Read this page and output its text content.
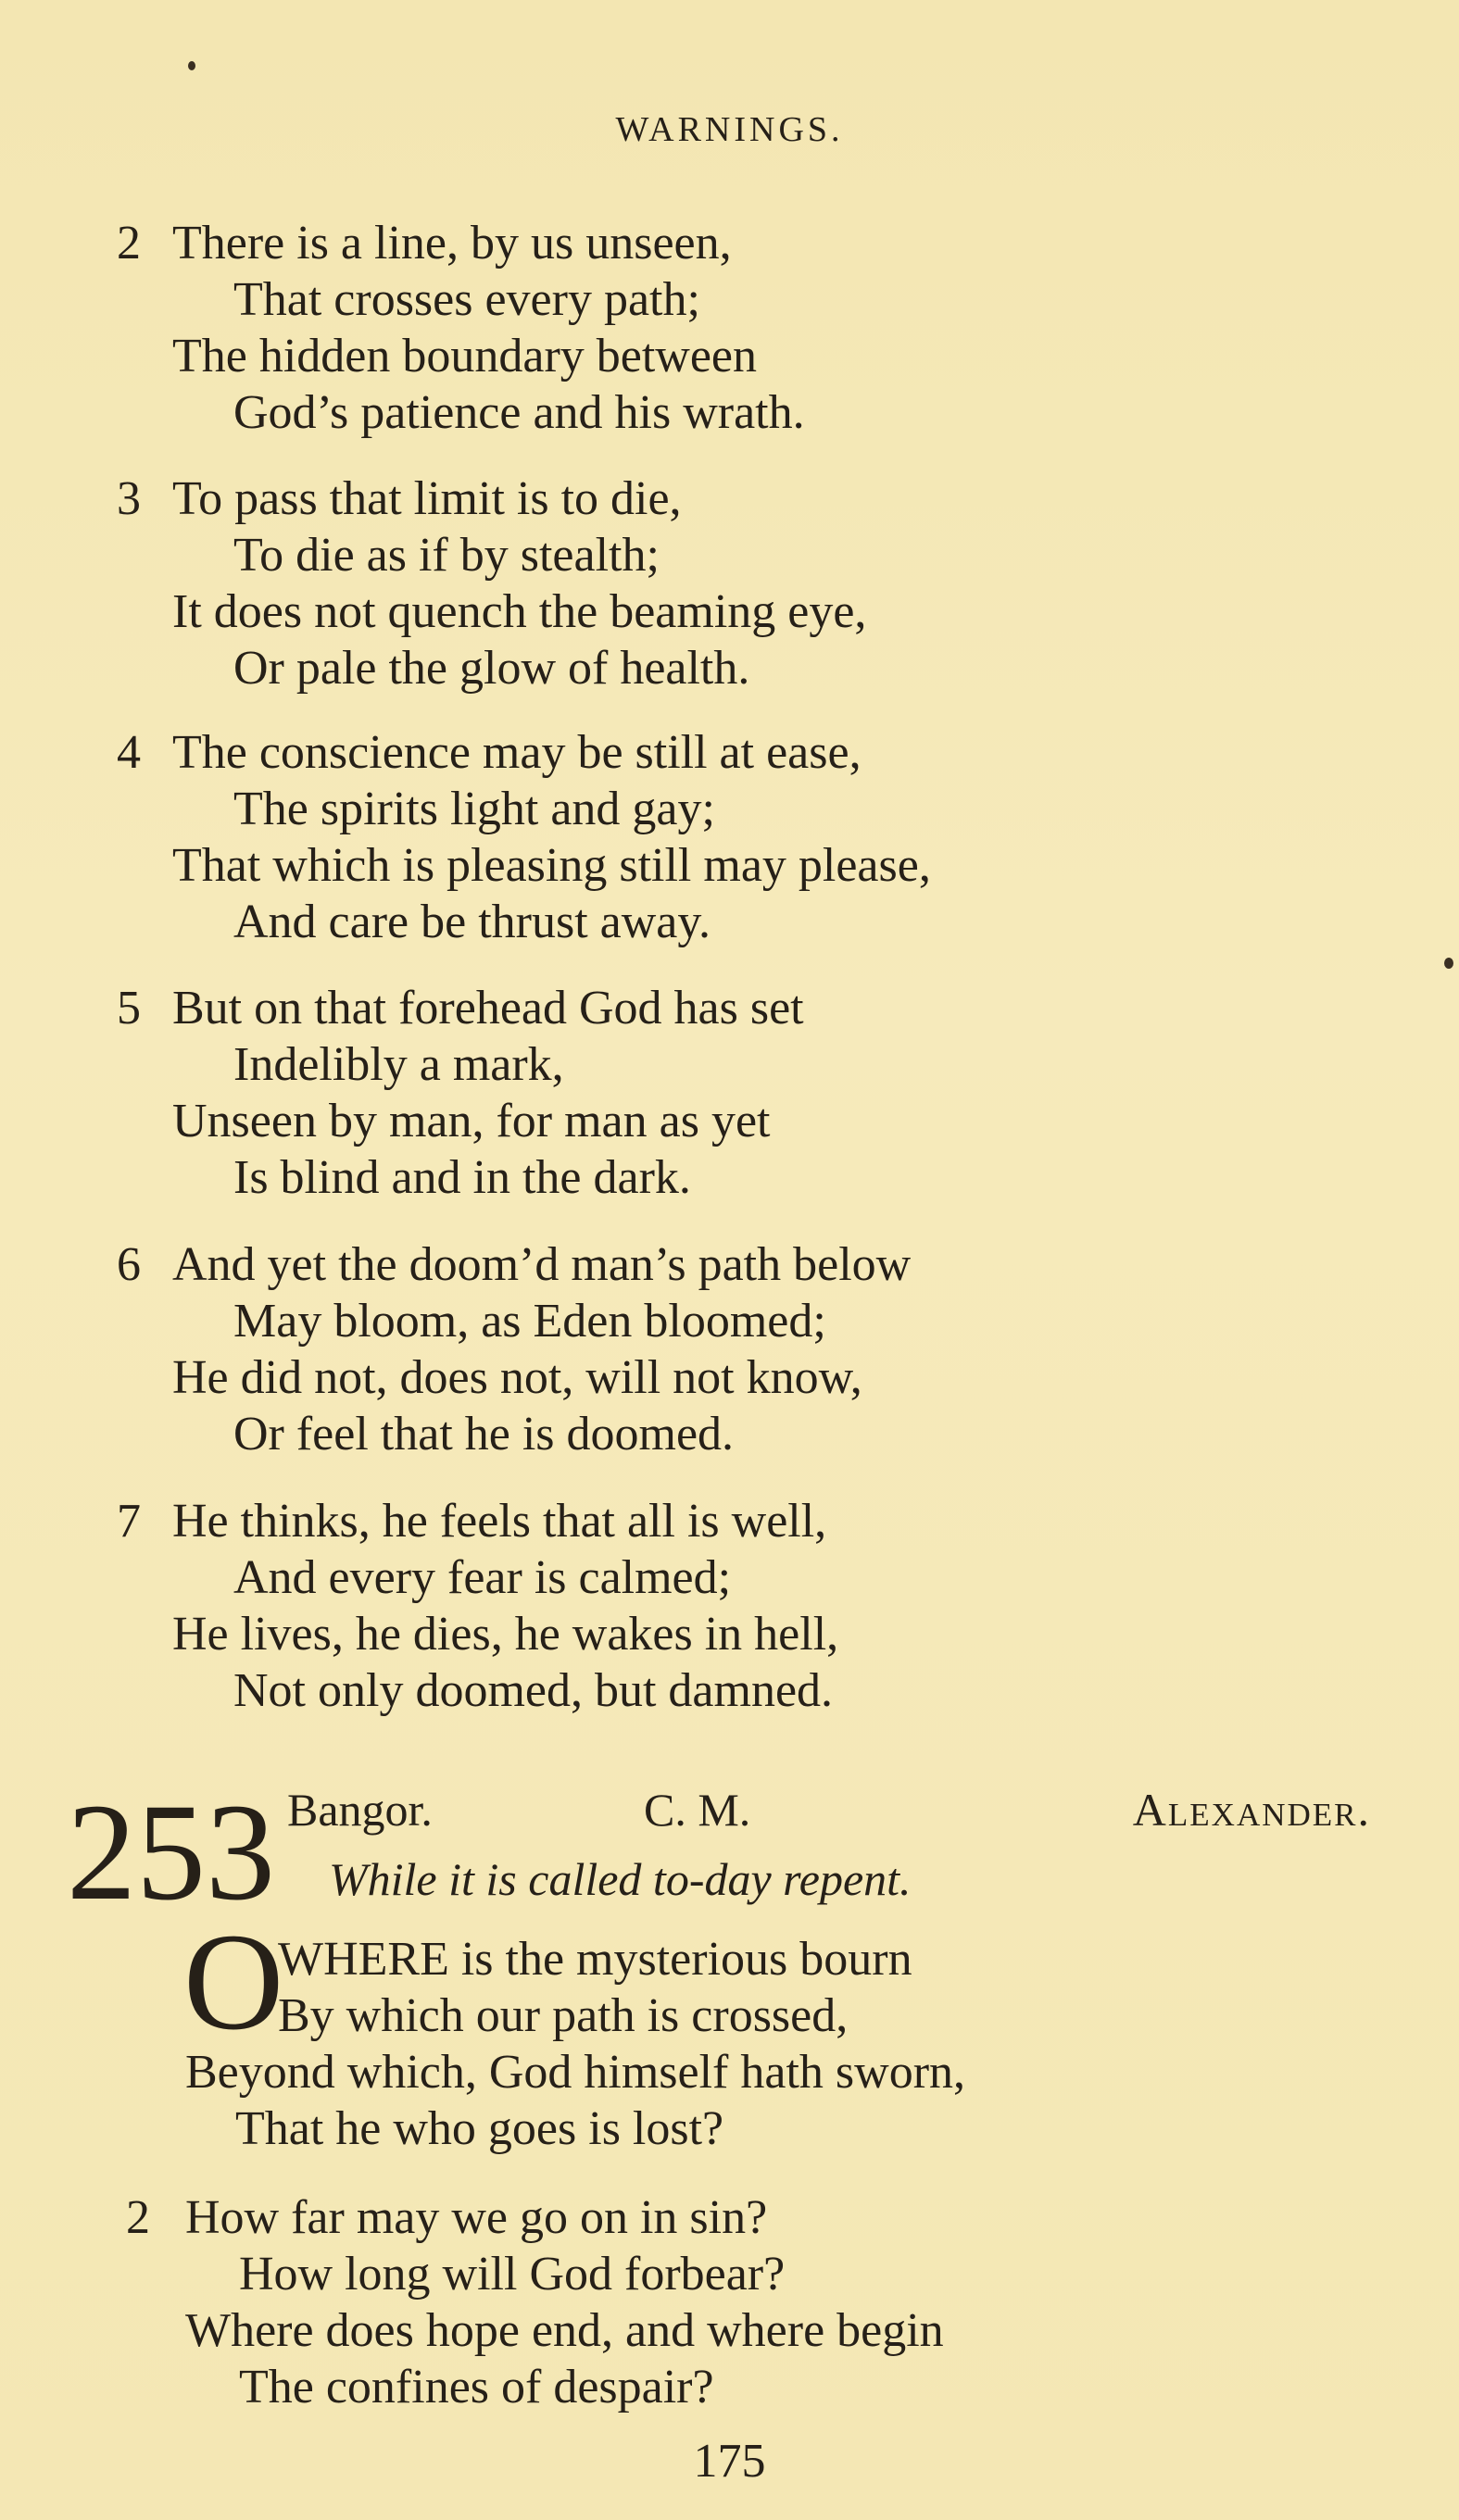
WARNINGS.
2 There is a line, by us unseen,
That crosses every path;
The hidden boundary between
God’s patience and his wrath.
3 To pass that limit is to die,
To die as if by stealth;
It does not quench the beaming eye,
Or pale the glow of health.
4 The conscience may be still at ease,
The spirits light and gay;
That which is pleasing still may please,
And care be thrust away.
5 But on that forehead God has set
Indelibly a mark,
Unseen by man, for man as yet
Is blind and in the dark.
6 And yet the doom’d man’s path below
May bloom, as Eden bloomed;
He did not, does not, will not know,
Or feel that he is doomed.
7 He thinks, he feels that all is well,
And every fear is calmed;
He lives, he dies, he wakes in hell,
Not only doomed, but damned.
253 Bangor.	C. M.	Alexander.
While it is called to-day repent.
O
WHERE is the mysterious bourn
By which our path is crossed,
Beyond which, God himself hath sworn,
That he who goes is lost?
2 How far may we go on in sin?
How long will God forbear?
Where does hope end, and where begin
The confines of despair?
175
